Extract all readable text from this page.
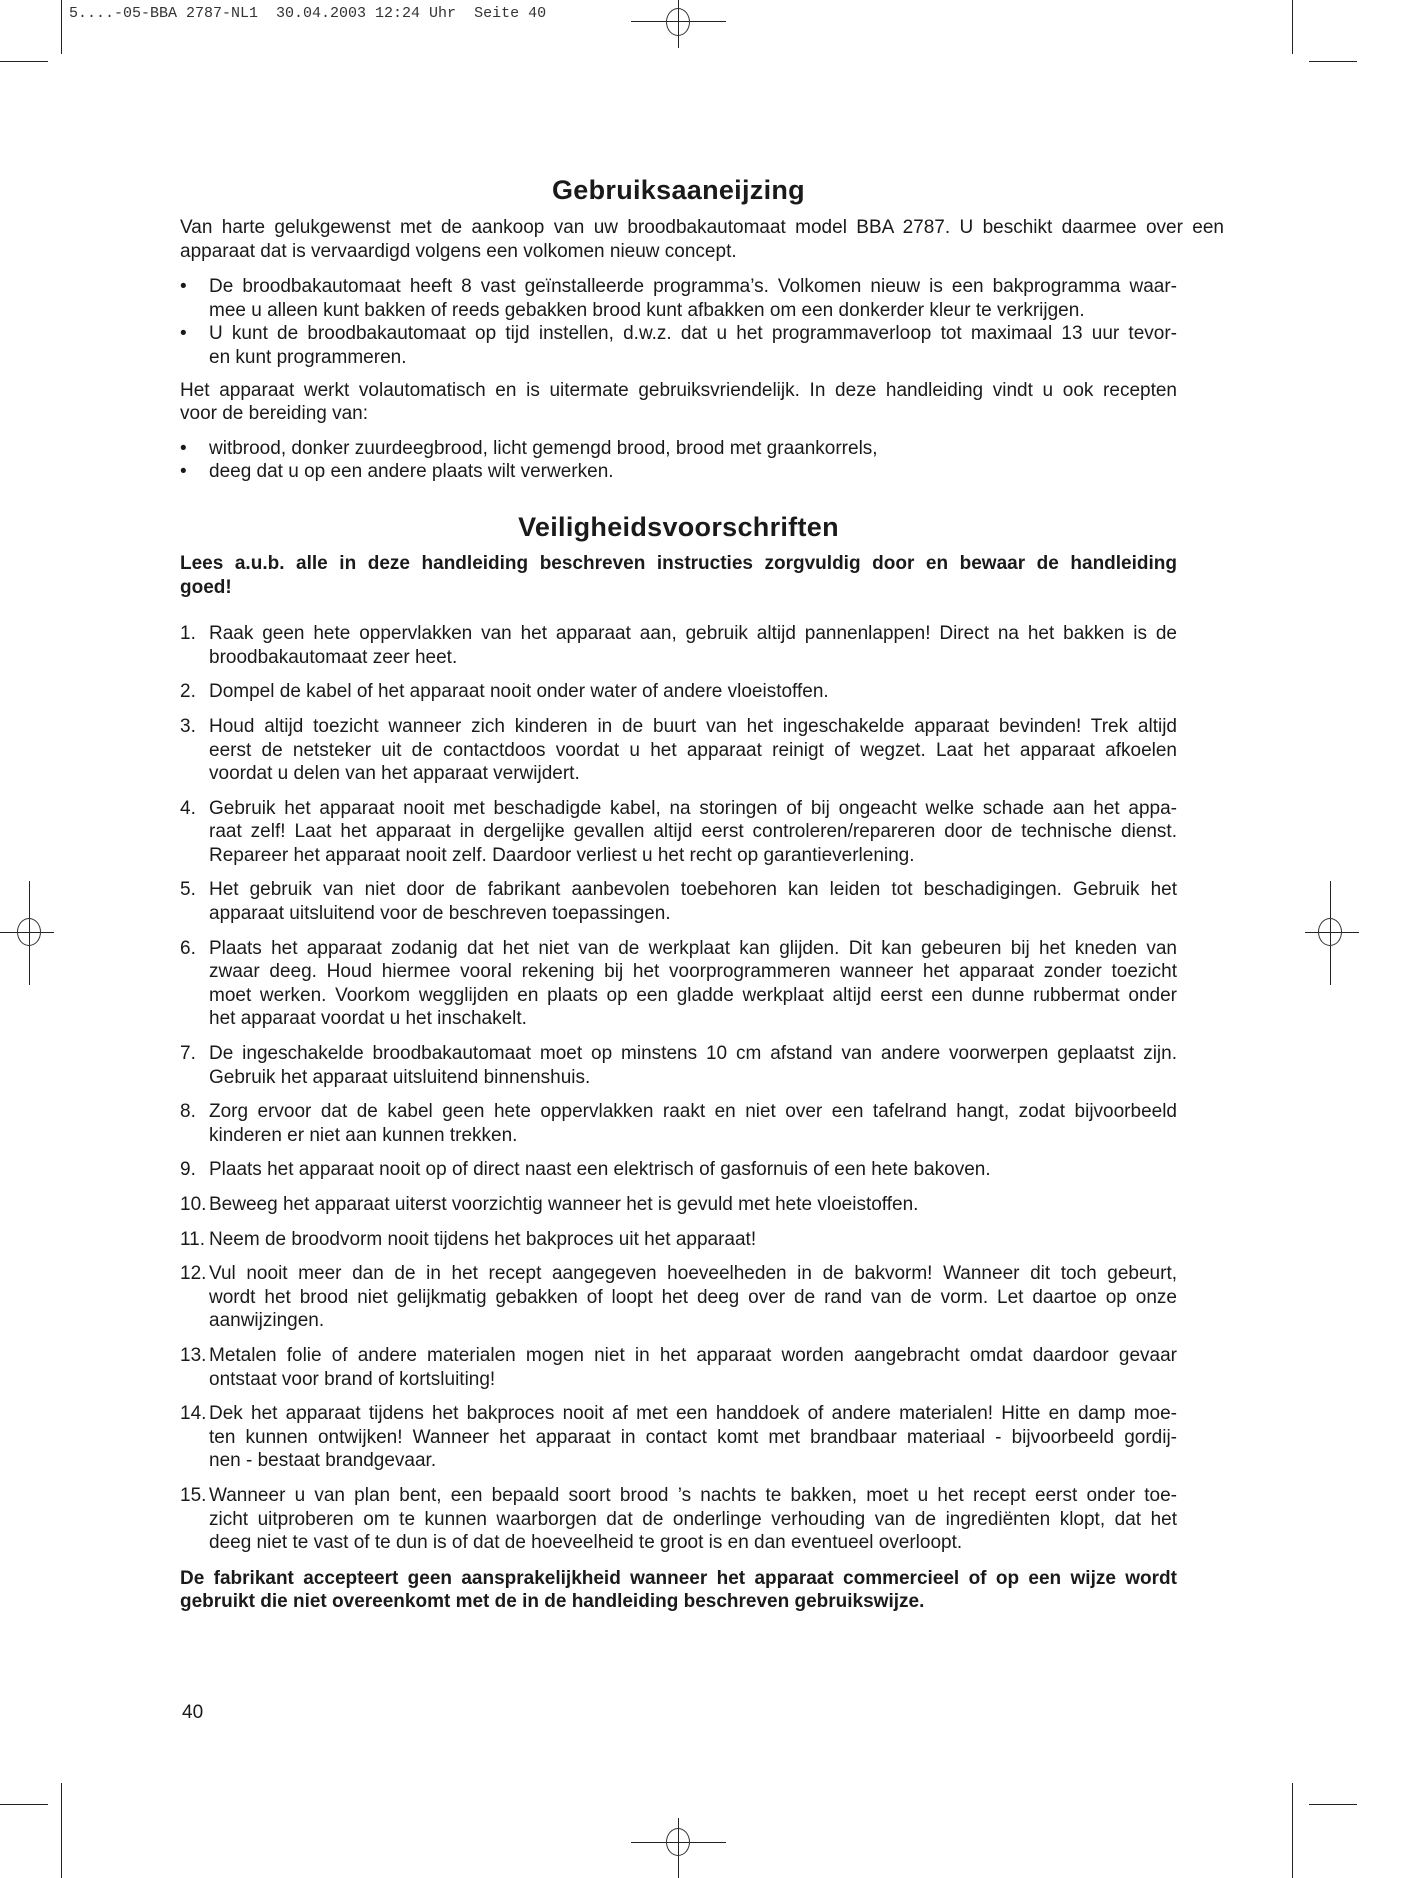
5....-05-BBA 2787-NL1  30.04.2003 12:24 Uhr  Seite 40
Gebruiksaaneijzing
Van harte gelukgewenst met de aankoop van uw broodbakautomaat model BBA 2787. U beschikt daarmee over een
apparaat dat is vervaardigd volgens een volkomen nieuw concept.
• De broodbakautomaat heeft 8 vast geïnstalleerde programma’s. Volkomen nieuw is een bakprogramma waar-
mee u alleen kunt bakken of reeds gebakken brood kunt afbakken om een donkerder kleur te verkrijgen.
• U kunt de broodbakautomaat op tijd instellen, d.w.z. dat u het programmaverloop tot maximaal 13 uur tevor-
en kunt programmeren.
Het apparaat werkt volautomatisch en is uitermate gebruiksvriendelijk. In deze handleiding vindt u ook recepten
voor de bereiding van:
• witbrood, donker zuurdeegbrood, licht gemengd brood, brood met graankorrels,
• deeg dat u op een andere plaats wilt verwerken.
Veiligheidsvoorschriften
Lees a.u.b. alle in deze handleiding beschreven instructies zorgvuldig door en bewaar de handleiding
goed!
1. Raak geen hete oppervlakken van het apparaat aan, gebruik altijd pannenlappen! Direct na het bakken is de
broodbakautomaat zeer heet.
2. Dompel de kabel of het apparaat nooit onder water of andere vloeistoffen.
3. Houd altijd toezicht wanneer zich kinderen in de buurt van het ingeschakelde apparaat bevinden! Trek altijd
eerst de netsteker uit de contactdoos voordat u het apparaat reinigt of wegzet. Laat het apparaat afkoelen
voordat u delen van het apparaat verwijdert.
4. Gebruik het apparaat nooit met beschadigde kabel, na storingen of bij ongeacht welke schade aan het appa-
raat zelf! Laat het apparaat in dergelijke gevallen altijd eerst controleren/repareren door de technische dienst.
Repareer het apparaat nooit zelf. Daardoor verliest u het recht op garantieverlening.
5. Het gebruik van niet door de fabrikant aanbevolen toebehoren kan leiden tot beschadigingen. Gebruik het
apparaat uitsluitend voor de beschreven toepassingen.
6. Plaats het apparaat zodanig dat het niet van de werkplaat kan glijden. Dit kan gebeuren bij het kneden van
zwaar deeg. Houd hiermee vooral rekening bij het voorprogrammeren wanneer het apparaat zonder toezicht
moet werken. Voorkom wegglijden en plaats op een gladde werkplaat altijd eerst een dunne rubbermat onder
het apparaat voordat u het inschakelt.
7. De ingeschakelde broodbakautomaat moet op minstens 10 cm afstand van andere voorwerpen geplaatst zijn.
Gebruik het apparaat uitsluitend binnenshuis.
8. Zorg ervoor dat de kabel geen hete oppervlakken raakt en niet over een tafelrand hangt, zodat bijvoorbeeld
kinderen er niet aan kunnen trekken.
9. Plaats het apparaat nooit op of direct naast een elektrisch of gasfornuis of een hete bakoven.
10. Beweeg het apparaat uiterst voorzichtig wanneer het is gevuld met hete vloeistoffen.
11. Neem de broodvorm nooit tijdens het bakproces uit het apparaat!
12. Vul nooit meer dan de in het recept aangegeven hoeveelheden in de bakvorm! Wanneer dit toch gebeurt,
wordt het brood niet gelijkmatig gebakken of loopt het deeg over de rand van de vorm. Let daartoe op onze
aanwijzingen.
13. Metalen folie of andere materialen mogen niet in het apparaat worden aangebracht omdat daardoor gevaar
ontstaat voor brand of kortsluiting!
14. Dek het apparaat tijdens het bakproces nooit af met een handdoek of andere materialen! Hitte en damp moe-
ten kunnen ontwijken! Wanneer het apparaat in contact komt met brandbaar materiaal - bijvoorbeeld gordij-
nen - bestaat brandgevaar.
15. Wanneer u van plan bent, een bepaald soort brood ’s nachts te bakken, moet u het recept eerst onder toe-
zicht uitproberen om te kunnen waarborgen dat de onderlinge verhouding van de ingrediënten klopt, dat het
deeg niet te vast of te dun is of dat de hoeveelheid te groot is en dan eventueel overloopt.
De fabrikant accepteert geen aansprakelijkheid wanneer het apparaat commercieel of op een wijze wordt
gebruikt die niet overeenkomt met de in de handleiding beschreven gebruikswijze.
40
